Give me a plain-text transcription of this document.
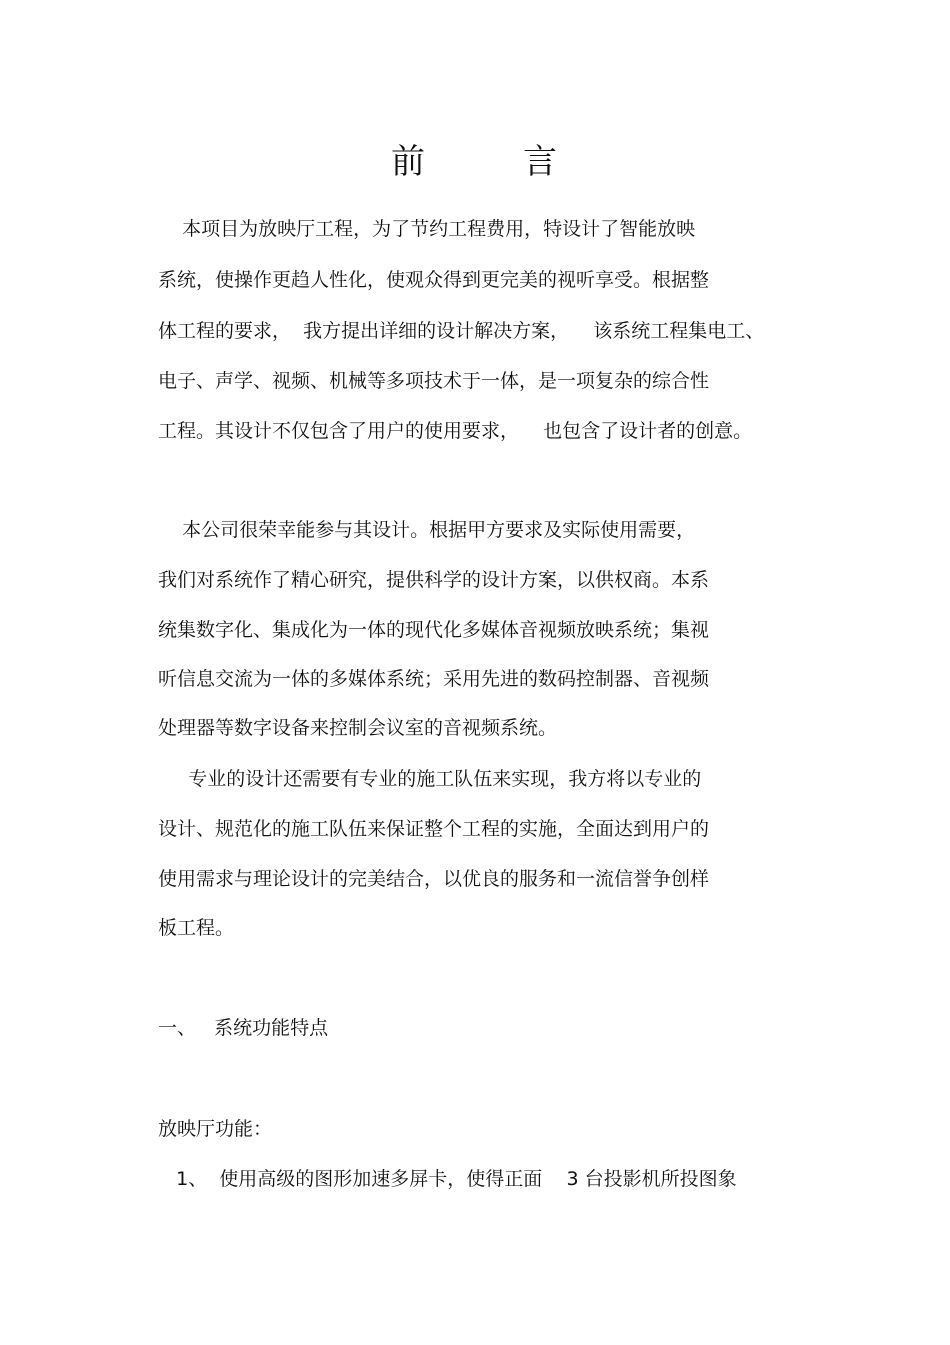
前	言
本项目为放映厅工程，为了节约工程费用，特设计了智能放映
系统，使操作更趋人性化，使观众得到更完美的视听享受。根据整
体工程的要求，  我方提出详细的设计解决方案，    该系统工程集电工、
电子、声学、视频、机械等多项技术于一体，是一项复杂的综合性
工程。其设计不仅包含了用户的使用要求，    也包含了设计者的创意。
本公司很荣幸能参与其设计。根据甲方要求及实际使用需要，
我们对系统作了精心研究，提供科学的设计方案，以供权商。本系
统集数字化、集成化为一体的现代化多媒体音视频放映系统；集视
听信息交流为一体的多媒体系统；采用先进的数码控制器、音视频
处理器等数字设备来控制会议室的音视频系统。
专业的设计还需要有专业的施工队伍来实现，我方将以专业的
设计、规范化的施工队伍来保证整个工程的实施，全面达到用户的
使用需求与理论设计的完美结合，以优良的服务和一流信誉争创样
板工程。
一、   系统功能特点
放映厅功能：
1、  使用高级的图形加速多屏卡，使得正面    3 台投影机所投图象
